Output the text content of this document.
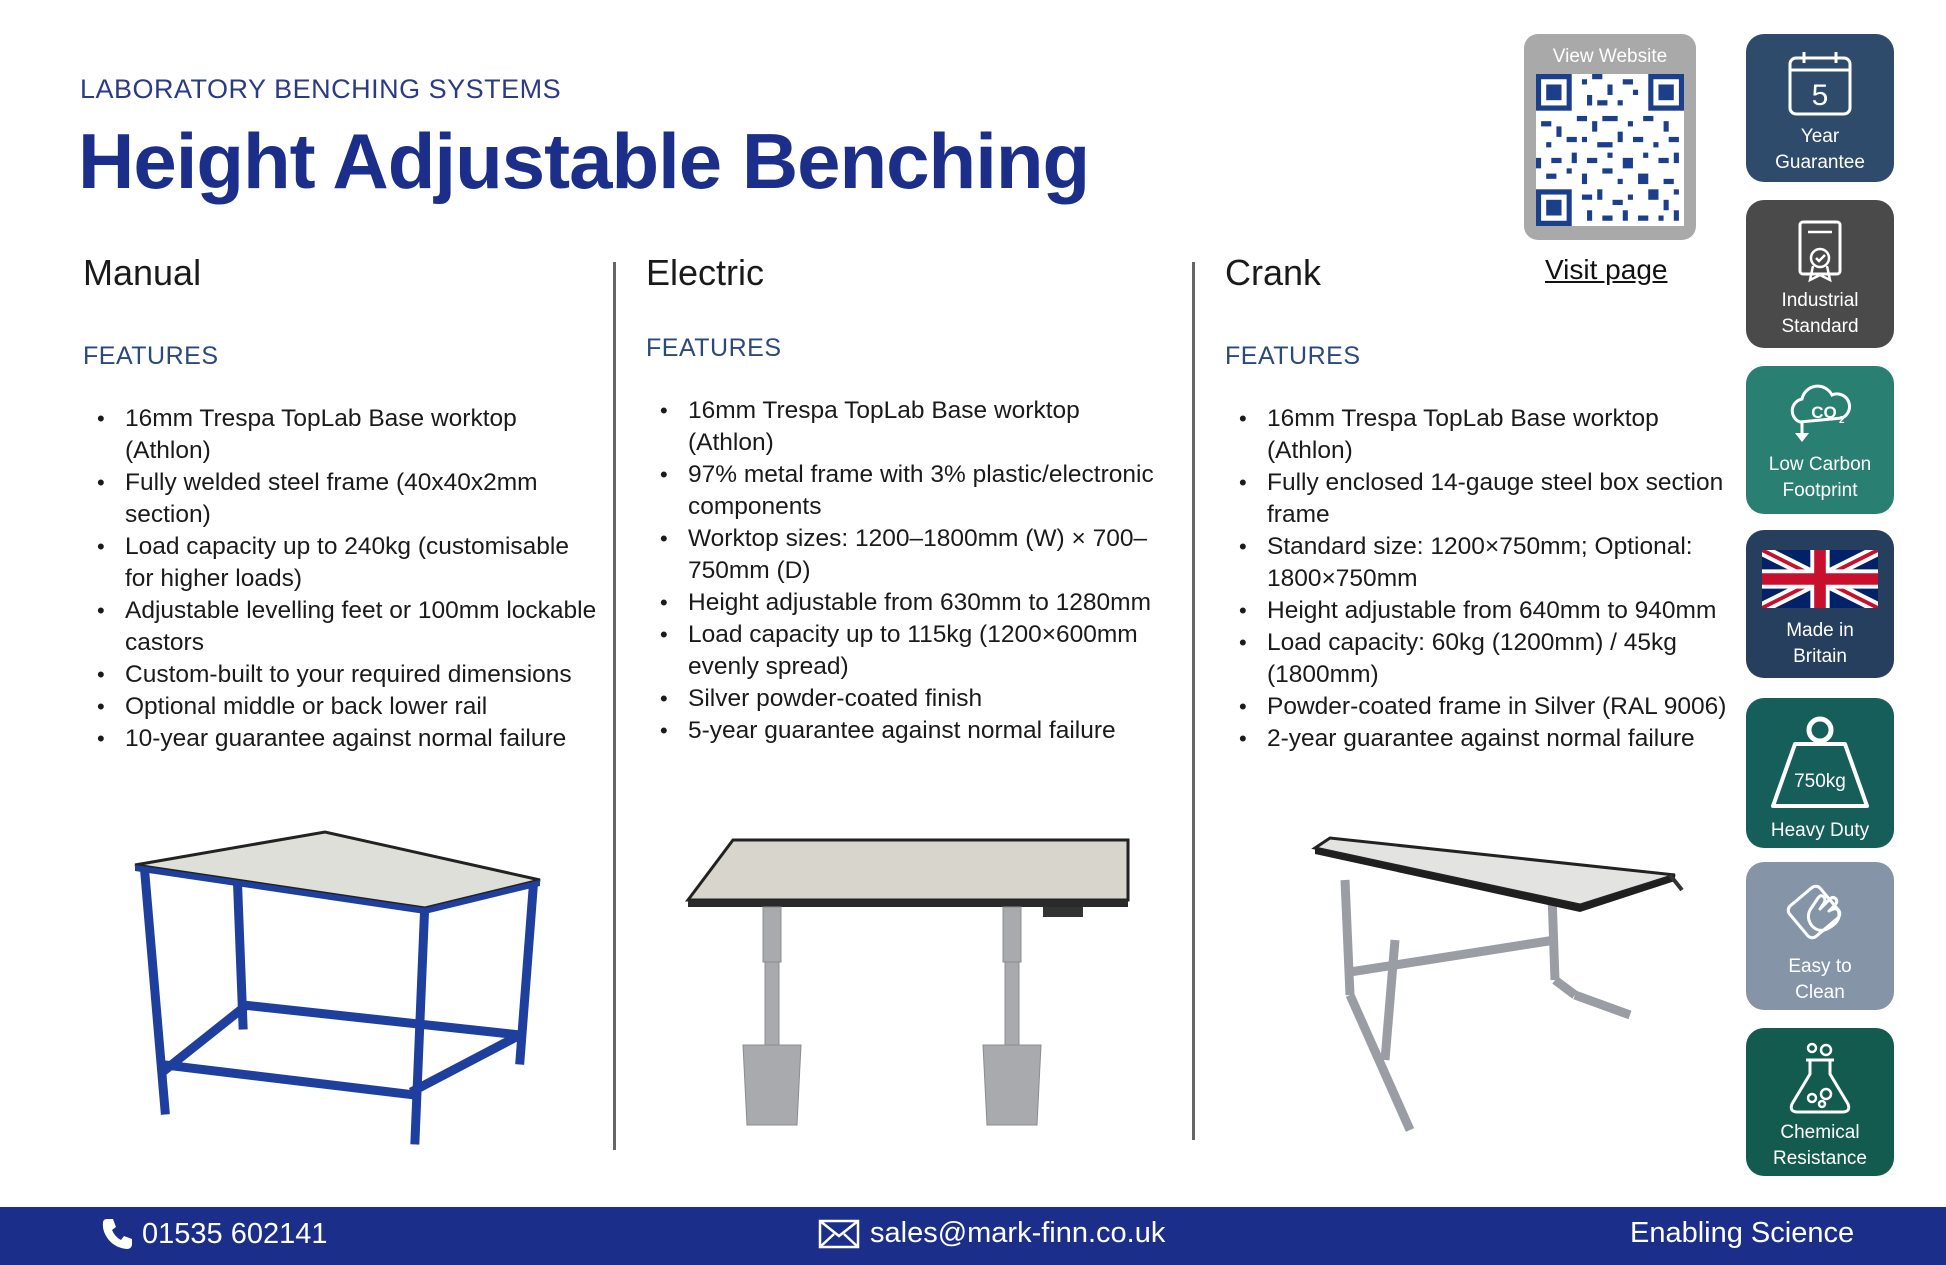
LABORATORY BENCHING SYSTEMS
Height Adjustable Benching
Manual
FEATURES
• 16mm Trespa TopLab Base worktop (Athlon)
• Fully welded steel frame (40x40x2mm section)
• Load capacity up to 240kg (customisable for higher loads)
• Adjustable levelling feet or 100mm lockable castors
• Custom-built to your required dimensions
• Optional middle or back lower rail
• 10-year guarantee against normal failure
Electric
FEATURES
• 16mm Trespa TopLab Base worktop (Athlon)
• 97% metal frame with 3% plastic/electronic components
• Worktop sizes: 1200–1800mm (W) × 700–750mm (D)
• Height adjustable from 630mm to 1280mm
• Load capacity up to 115kg (1200×600mm evenly spread)
• Silver powder-coated finish
• 5-year guarantee against normal failure
Crank
FEATURES
• 16mm Trespa TopLab Base worktop (Athlon)
• Fully enclosed 14-gauge steel box section frame
• Standard size: 1200×750mm; Optional: 1800×750mm
• Height adjustable from 640mm to 940mm
• Load capacity: 60kg (1200mm) / 45kg (1800mm)
• Powder-coated frame in Silver (RAL 9006)
• 2-year guarantee against normal failure
View Website
Visit page
5
Year
Guarantee
Industrial
Standard
CO 2
Low Carbon
Footprint
Made in
Britain
750kg
Heavy Duty
Easy to
Clean
Chemical
Resistance
01535 602141	sales@mark-finn.co.uk	Enabling Science
